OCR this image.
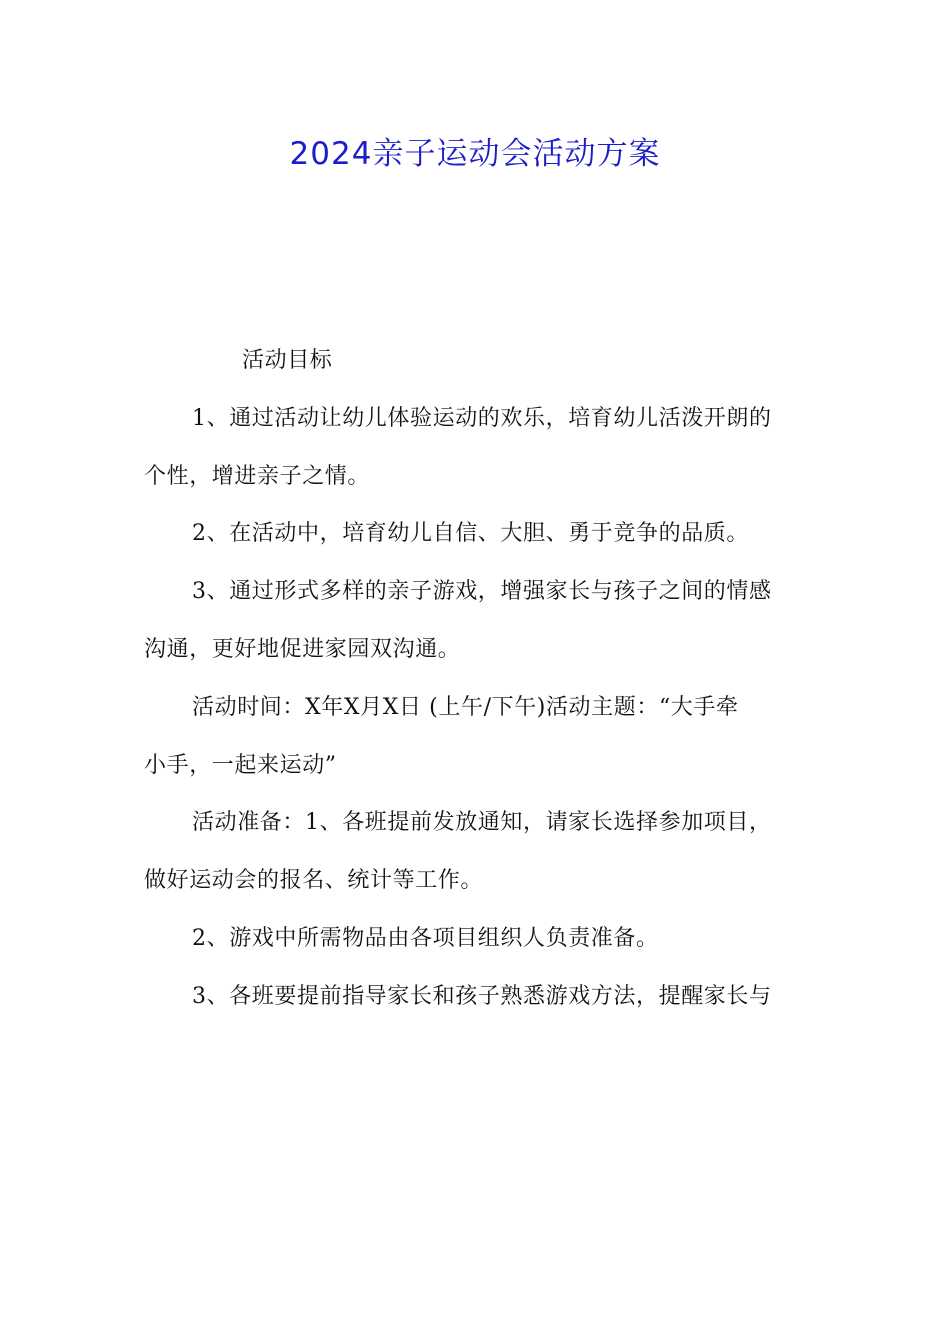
2024亲子运动会活动方案
活动目标
1、通过活动让幼儿体验运动的欢乐，培育幼儿活泼开朗的
个性，增进亲子之情。
2、在活动中，培育幼儿自信、大胆、勇于竞争的品质。
3、通过形式多样的亲子游戏，增强家长与孩子之间的情感
沟通，更好地促进家园双沟通。
活动时间：X年X月X日 (上午/下午)活动主题：“大手牵
小手，一起来运动”
活动准备：1、各班提前发放通知，请家长选择参加项目，
做好运动会的报名、统计等工作。
2、游戏中所需物品由各项目组织人负责准备。
3、各班要提前指导家长和孩子熟悉游戏方法，提醒家长与
